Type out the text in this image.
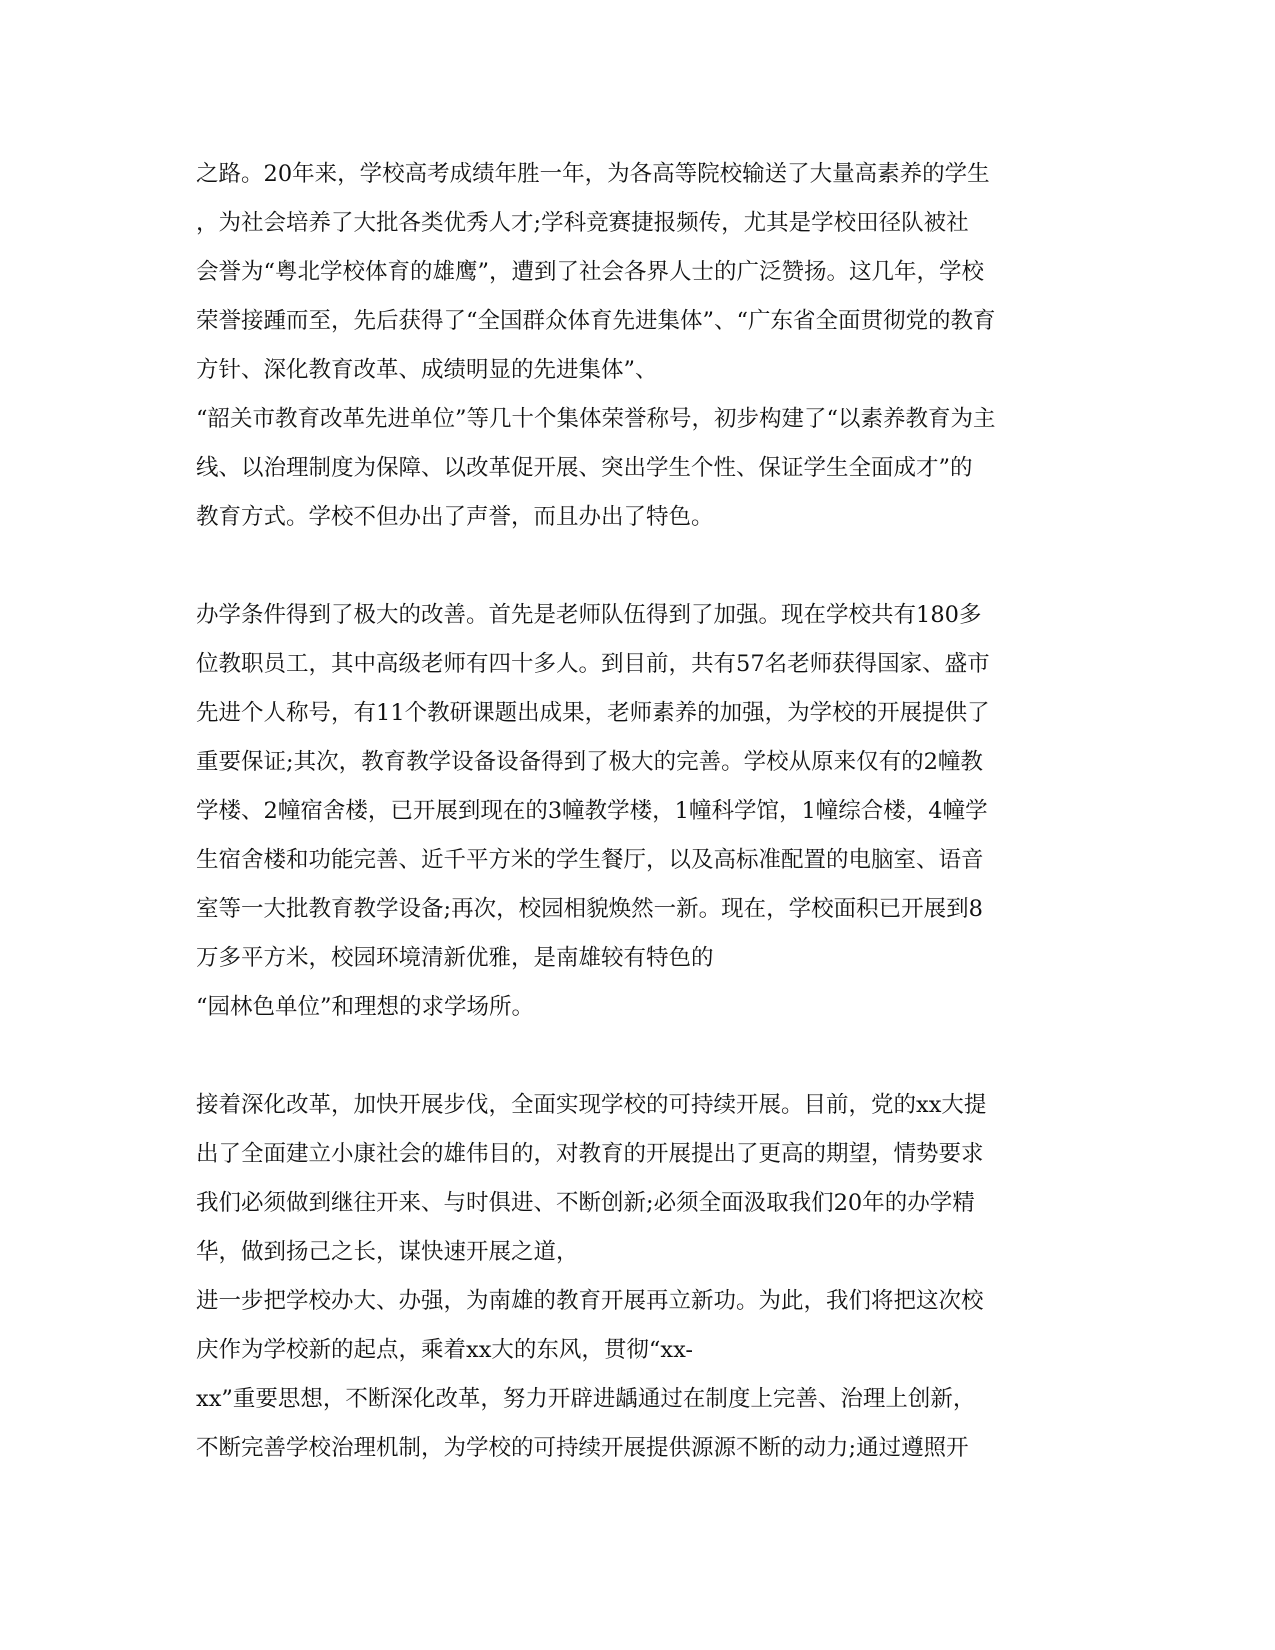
之路。20年来，学校高考成绩年胜一年，为各高等院校输送了大量高素养的学生
，为社会培养了大批各类优秀人才;学科竞赛捷报频传，尤其是学校田径队被社
会誉为“粤北学校体育的雄鹰”，遭到了社会各界人士的广泛赞扬。这几年，学校
荣誉接踵而至，先后获得了“全国群众体育先进集体”、“广东省全面贯彻党的教育
方针、深化教育改革、成绩明显的先进集体”、
“韶关市教育改革先进单位”等几十个集体荣誉称号，初步构建了“以素养教育为主
线、以治理制度为保障、以改革促开展、突出学生个性、保证学生全面成才”的
教育方式。学校不但办出了声誉，而且办出了特色。
办学条件得到了极大的改善。首先是老师队伍得到了加强。现在学校共有180多
位教职员工，其中高级老师有四十多人。到目前，共有57名老师获得国家、盛市
先进个人称号，有11个教研课题出成果，老师素养的加强，为学校的开展提供了
重要保证;其次，教育教学设备设备得到了极大的完善。学校从原来仅有的2幢教
学楼、2幢宿舍楼，已开展到现在的3幢教学楼，1幢科学馆，1幢综合楼，4幢学
生宿舍楼和功能完善、近千平方米的学生餐厅，以及高标准配置的电脑室、语音
室等一大批教育教学设备;再次，校园相貌焕然一新。现在，学校面积已开展到8
万多平方米，校园环境清新优雅，是南雄较有特色的
“园林色单位”和理想的求学场所。
接着深化改革，加快开展步伐，全面实现学校的可持续开展。目前，党的xx大提
出了全面建立小康社会的雄伟目的，对教育的开展提出了更高的期望，情势要求
我们必须做到继往开来、与时俱进、不断创新;必须全面汲取我们20年的办学精
华，做到扬己之长，谋快速开展之道，
进一步把学校办大、办强，为南雄的教育开展再立新功。为此，我们将把这次校
庆作为学校新的起点，乘着xx大的东风，贯彻“xx-
xx”重要思想，不断深化改革，努力开辟进龋通过在制度上完善、治理上创新，
不断完善学校治理机制，为学校的可持续开展提供源源不断的动力;通过遵照开
